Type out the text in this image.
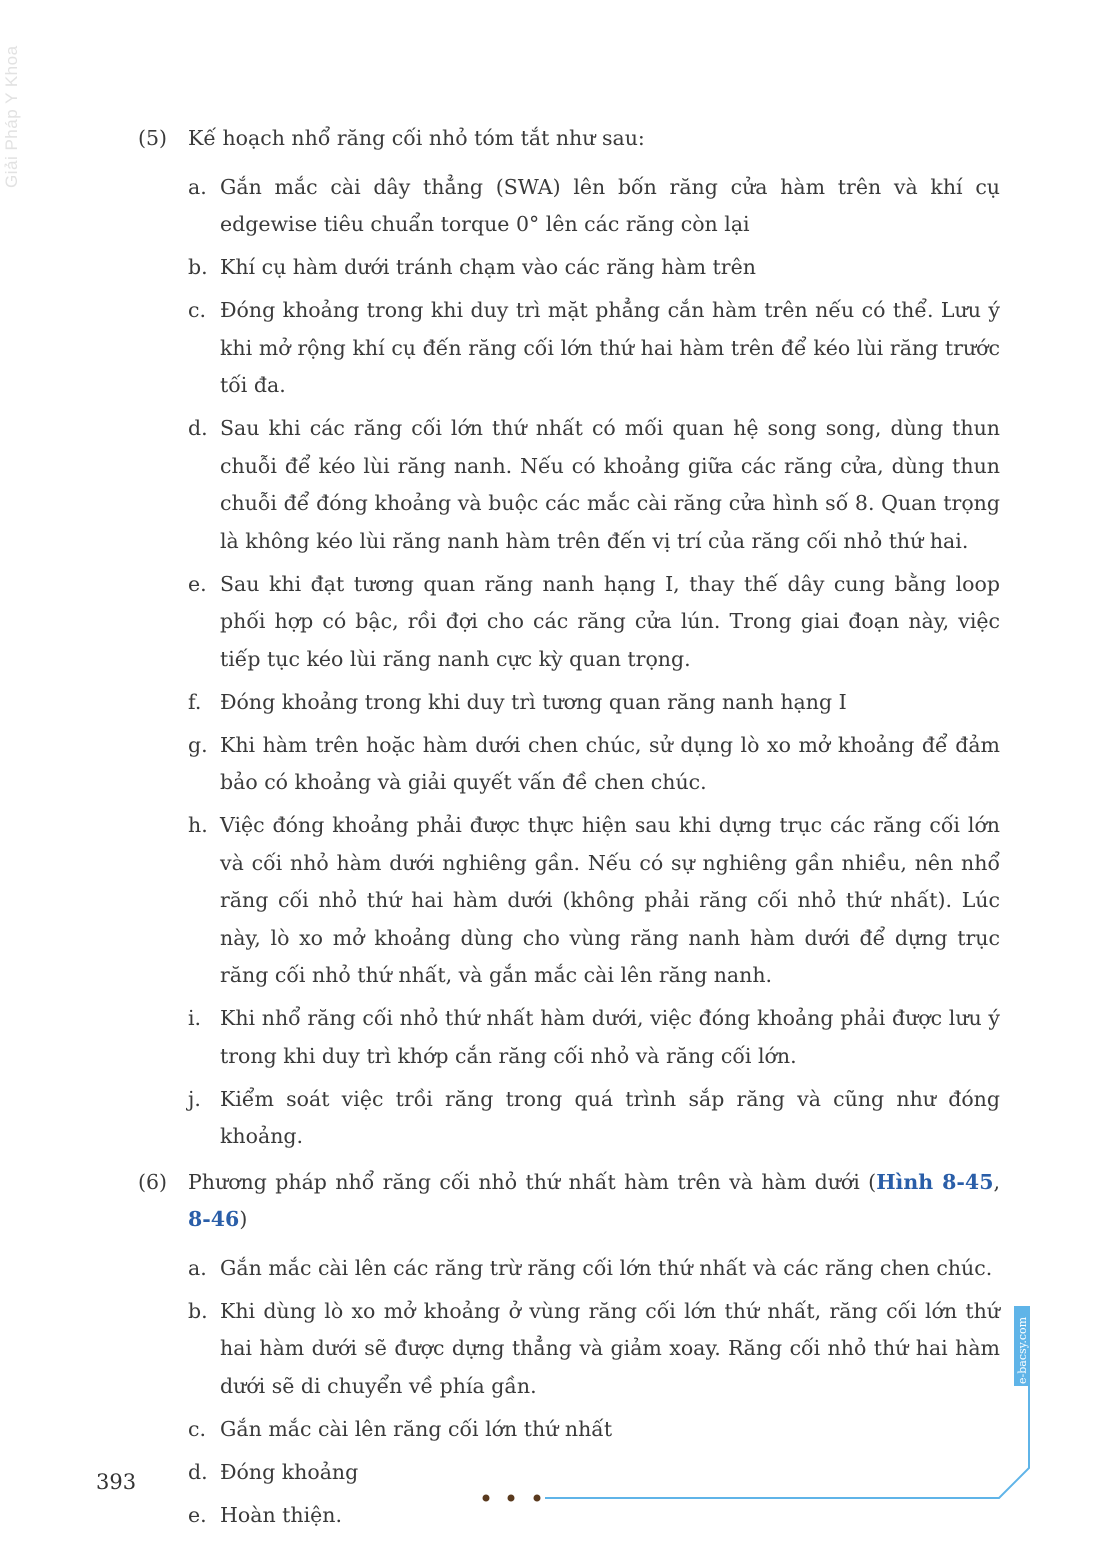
Giải Pháp Y Khoa	(5)	Kế hoạch nhổ răng cối nhỏ tóm tắt như sau:
a. Gắn mắc cài dây thẳng (SWA) lên bốn răng cửa hàm trên và khí cụ edgewise tiêu chuẩn torque 0° lên các răng còn lại
b. Khí cụ hàm dưới tránh chạm vào các răng hàm trên
c. Đóng khoảng trong khi duy trì mặt phẳng cắn hàm trên nếu có thể. Lưu ý khi mở rộng khí cụ đến răng cối lớn thứ hai hàm trên để kéo lùi răng trước tối đa.
d. Sau khi các răng cối lớn thứ nhất có mối quan hệ song song, dùng thun chuỗi để kéo lùi răng nanh. Nếu có khoảng giữa các răng cửa, dùng thun chuỗi để đóng khoảng và buộc các mắc cài răng cửa hình số 8. Quan trọng là không kéo lùi răng nanh hàm trên đến vị trí của răng cối nhỏ thứ hai.
e. Sau khi đạt tương quan răng nanh hạng I, thay thế dây cung bằng loop phối hợp có bậc, rồi đợi cho các răng cửa lún. Trong giai đoạn này, việc tiếp tục kéo lùi răng nanh cực kỳ quan trọng.
f. Đóng khoảng trong khi duy trì tương quan răng nanh hạng I
g. Khi hàm trên hoặc hàm dưới chen chúc, sử dụng lò xo mở khoảng để đảm bảo có khoảng và giải quyết vấn đề chen chúc.
h. Việc đóng khoảng phải được thực hiện sau khi dựng trục các răng cối lớn và cối nhỏ hàm dưới nghiêng gần. Nếu có sự nghiêng gần nhiều, nên nhổ răng cối nhỏ thứ hai hàm dưới (không phải răng cối nhỏ thứ nhất). Lúc này, lò xo mở khoảng dùng cho vùng răng nanh hàm dưới để dựng trục răng cối nhỏ thứ nhất, và gắn mắc cài lên răng nanh.
i. Khi nhổ răng cối nhỏ thứ nhất hàm dưới, việc đóng khoảng phải được lưu ý trong khi duy trì khớp cắn răng cối nhỏ và răng cối lớn.
j. Kiểm soát việc trồi răng trong quá trình sắp răng và cũng như đóng khoảng.
(6)	Phương pháp nhổ răng cối nhỏ thứ nhất hàm trên và hàm dưới (Hình 8-45, 8-46)
a. Gắn mắc cài lên các răng trừ răng cối lớn thứ nhất và các răng chen chúc.
b. Khi dùng lò xo mở khoảng ở vùng răng cối lớn thứ nhất, răng cối lớn thứ hai hàm dưới sẽ được dựng thẳng và giảm xoay. Răng cối nhỏ thứ hai hàm dưới sẽ di chuyển về phía gần.
c. Gắn mắc cài lên răng cối lớn thứ nhất
d. Đóng khoảng
e. Hoàn thiện.
393
e-bacsy.com
